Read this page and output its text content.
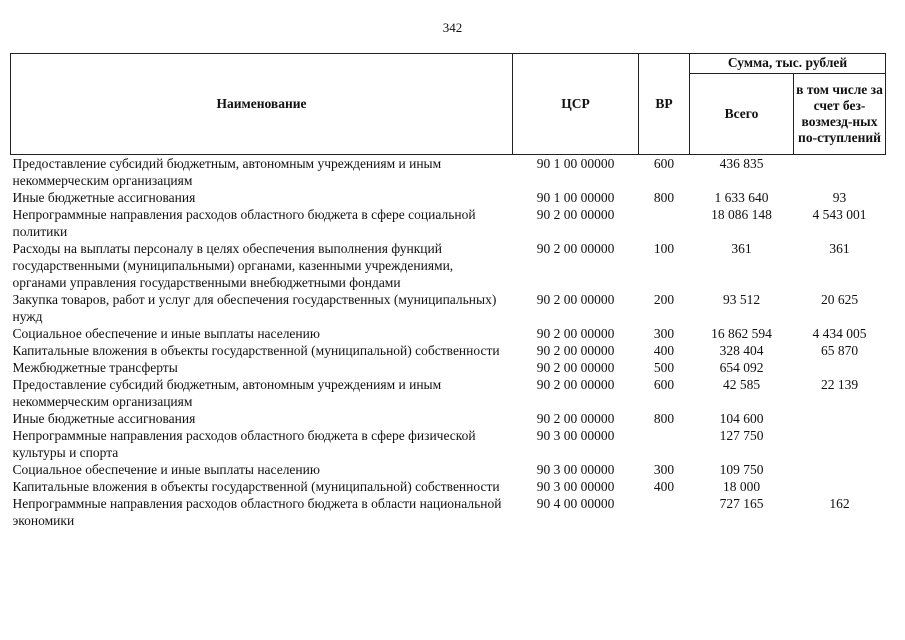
342
Наименование	ЦСР	ВР	Сумма, тыс. рублей	
			Всего	в том числе за счет без-возмезд-ных по-ступлений
Предоставление субсидий бюджетным, автономным учреждениям и иным некоммерческим организациям	90 1 00 00000	600	436 835	
Иные бюджетные ассигнования	90 1 00 00000	800	1 633 640	93
Непрограммные направления расходов областного бюджета в сфере социальной политики	90 2 00 00000		18 086 148	4 543 001
Расходы на выплаты персоналу в целях обеспечения выполнения функций государственными (муниципальными) органами, казенными учреждениями, органами управления государственными внебюджетными фондами	90 2 00 00000	100	361	361
Закупка товаров, работ и услуг для обеспечения государственных (муниципальных) нужд	90 2 00 00000	200	93 512	20 625
Социальное обеспечение и иные выплаты населению	90 2 00 00000	300	16 862 594	4 434 005
Капитальные вложения в объекты государственной (муниципальной) собственности	90 2 00 00000	400	328 404	65 870
Межбюджетные трансферты	90 2 00 00000	500	654 092	
Предоставление субсидий бюджетным, автономным учреждениям и иным некоммерческим организациям	90 2 00 00000	600	42 585	22 139
Иные бюджетные ассигнования	90 2 00 00000	800	104 600	
Непрограммные направления расходов областного бюджета в сфере физической культуры и спорта	90 3 00 00000		127 750	
Социальное обеспечение и иные выплаты населению	90 3 00 00000	300	109 750	
Капитальные вложения в объекты государственной (муниципальной) собственности	90 3 00 00000	400	18 000	
Непрограммные направления расходов областного бюджета в области национальной экономики	90 4 00 00000		727 165	162
